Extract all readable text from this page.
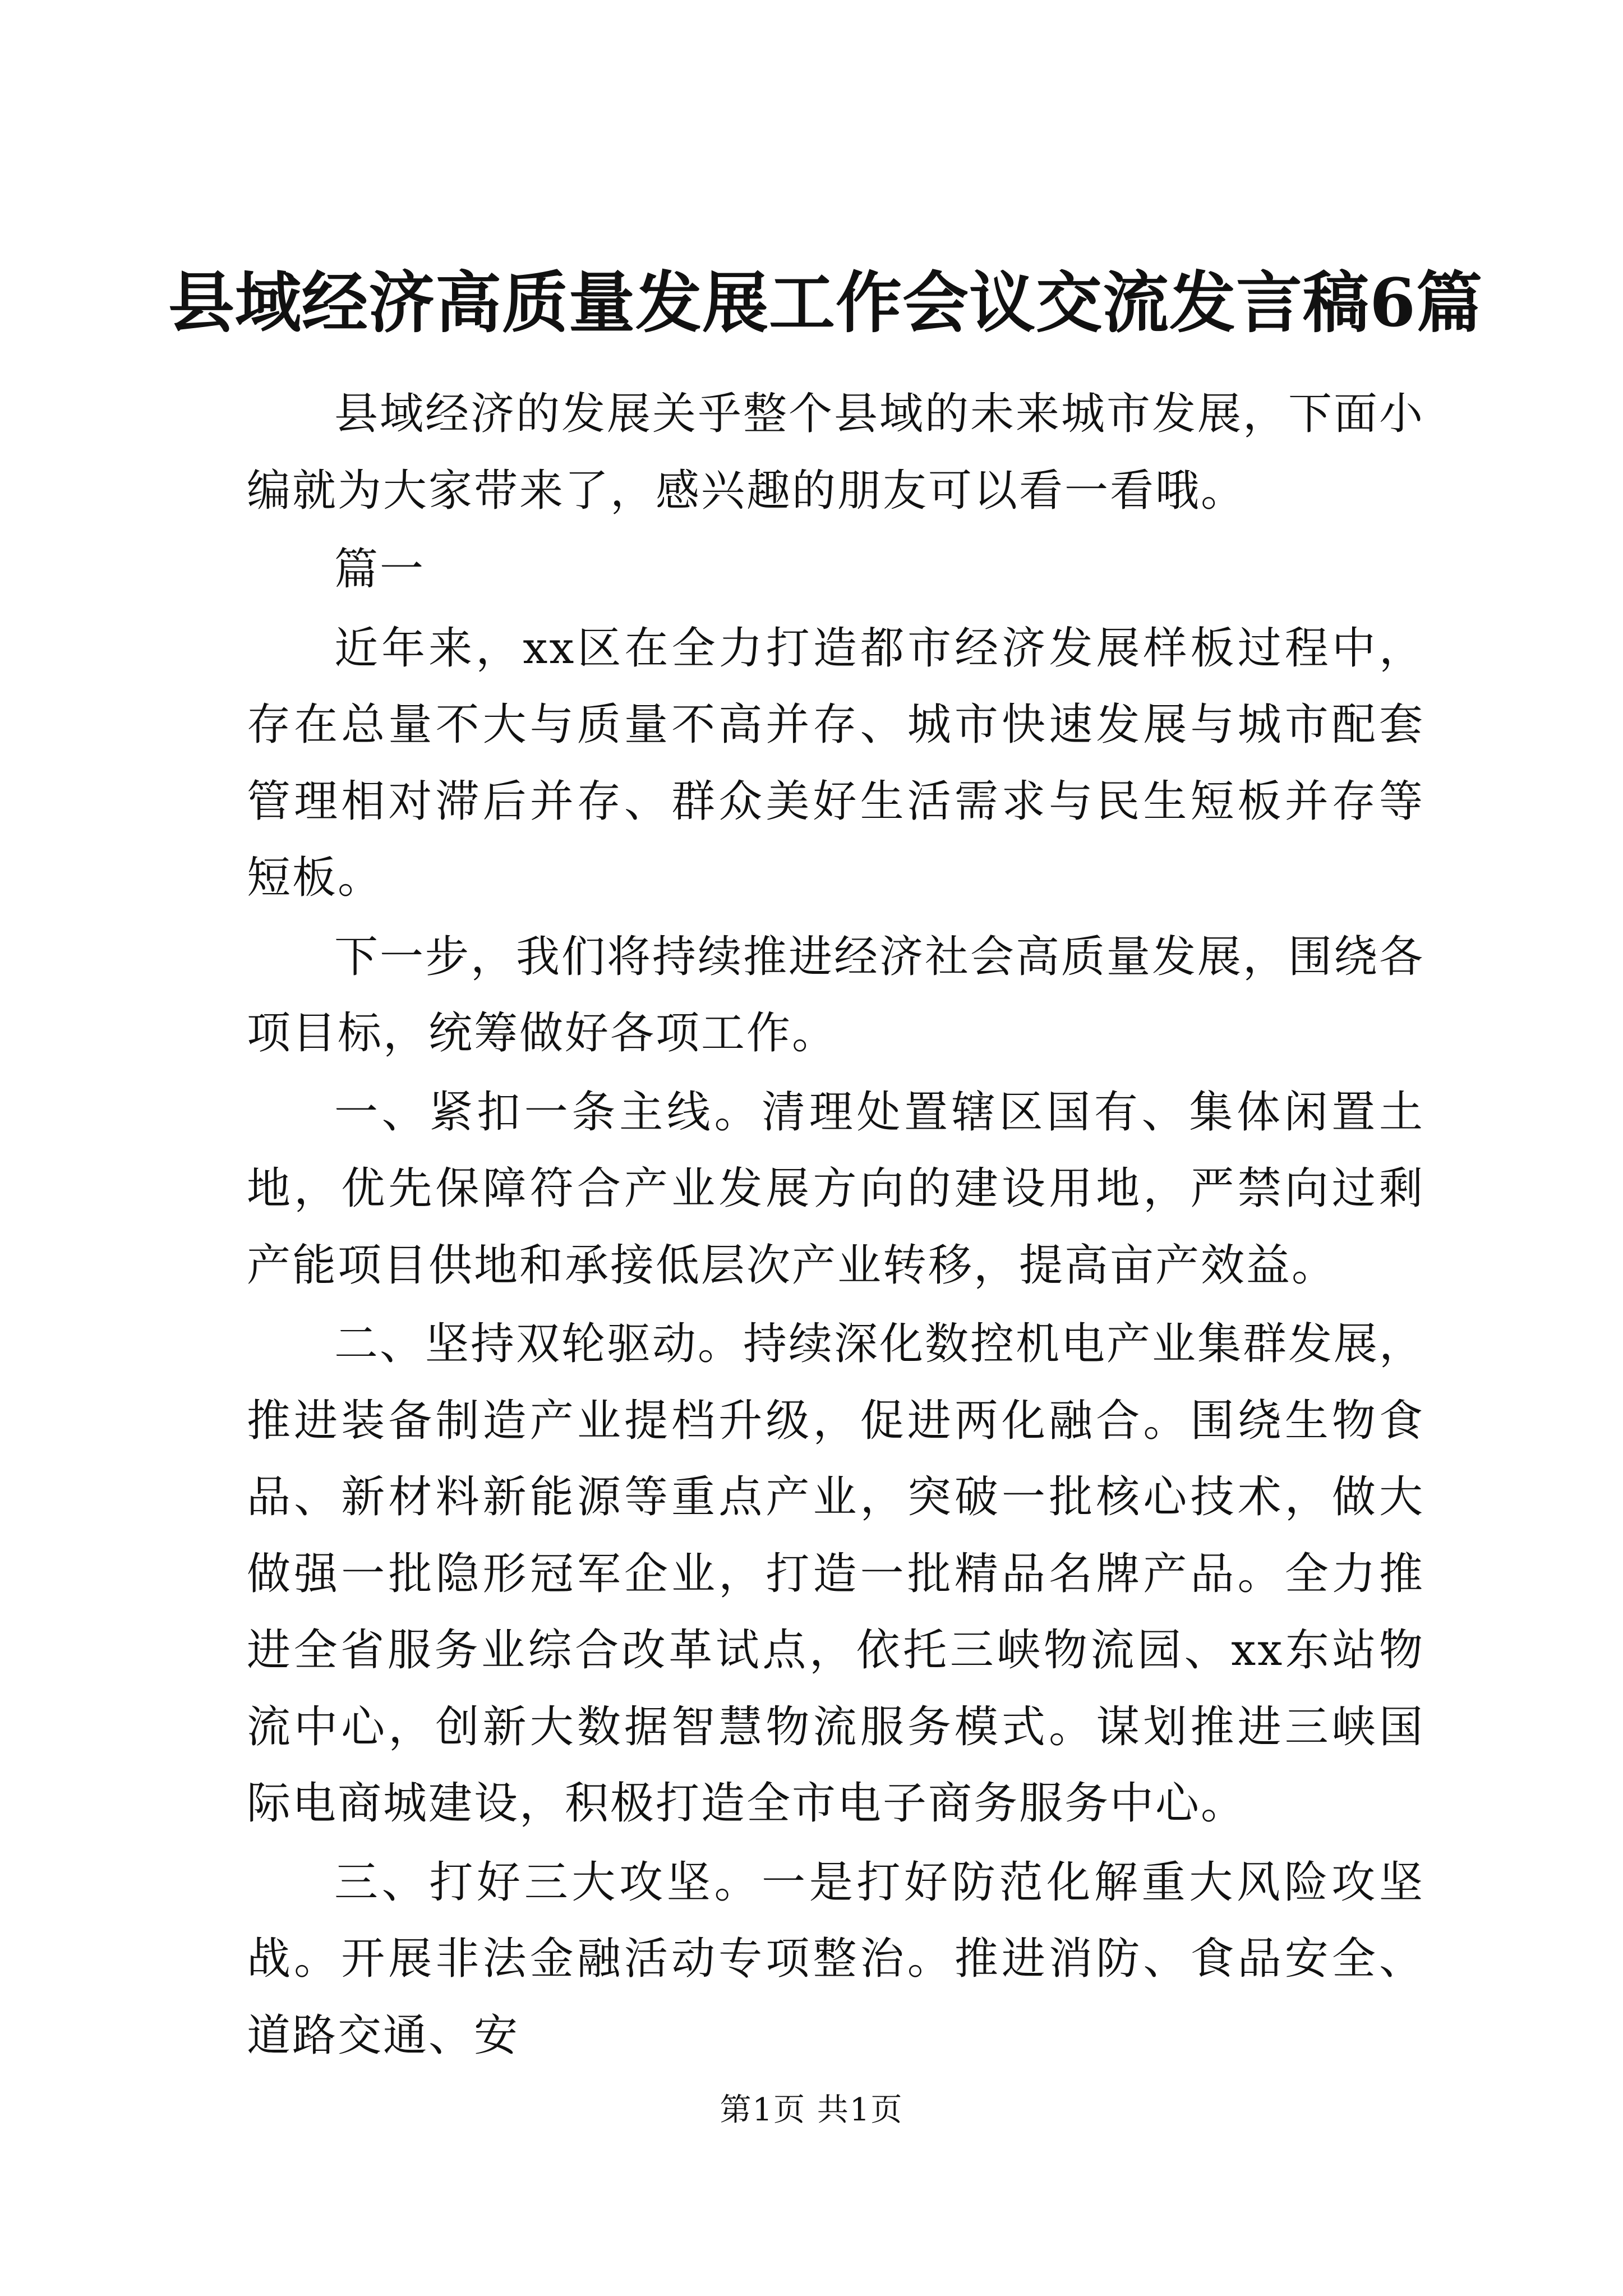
县域经济高质量发展工作会议交流发言稿6篇

县域经济的发展关乎整个县域的未来城市发展，下面小编就为大家带来了，感兴趣的朋友可以看一看哦。

篇一

近年来，xx区在全力打造都市经济发展样板过程中，存在总量不大与质量不高并存、城市快速发展与城市配套管理相对滞后并存、群众美好生活需求与民生短板并存等短板。

下一步，我们将持续推进经济社会高质量发展，围绕各项目标，统筹做好各项工作。

一、紧扣一条主线。清理处置辖区国有、集体闲置土地，优先保障符合产业发展方向的建设用地，严禁向过剩产能项目供地和承接低层次产业转移，提高亩产效益。

二、坚持双轮驱动。持续深化数控机电产业集群发展，推进装备制造产业提档升级，促进两化融合。围绕生物食品、新材料新能源等重点产业，突破一批核心技术，做大做强一批隐形冠军企业，打造一批精品名牌产品。全力推进全省服务业综合改革试点，依托三峡物流园、xx东站物流中心，创新大数据智慧物流服务模式。谋划推进三峡国际电商城建设，积极打造全市电子商务服务中心。

三、打好三大攻坚。一是打好防范化解重大风险攻坚战。开展非法金融活动专项整治。推进消防、食品安全、道路交通、安

第1页 共1页
